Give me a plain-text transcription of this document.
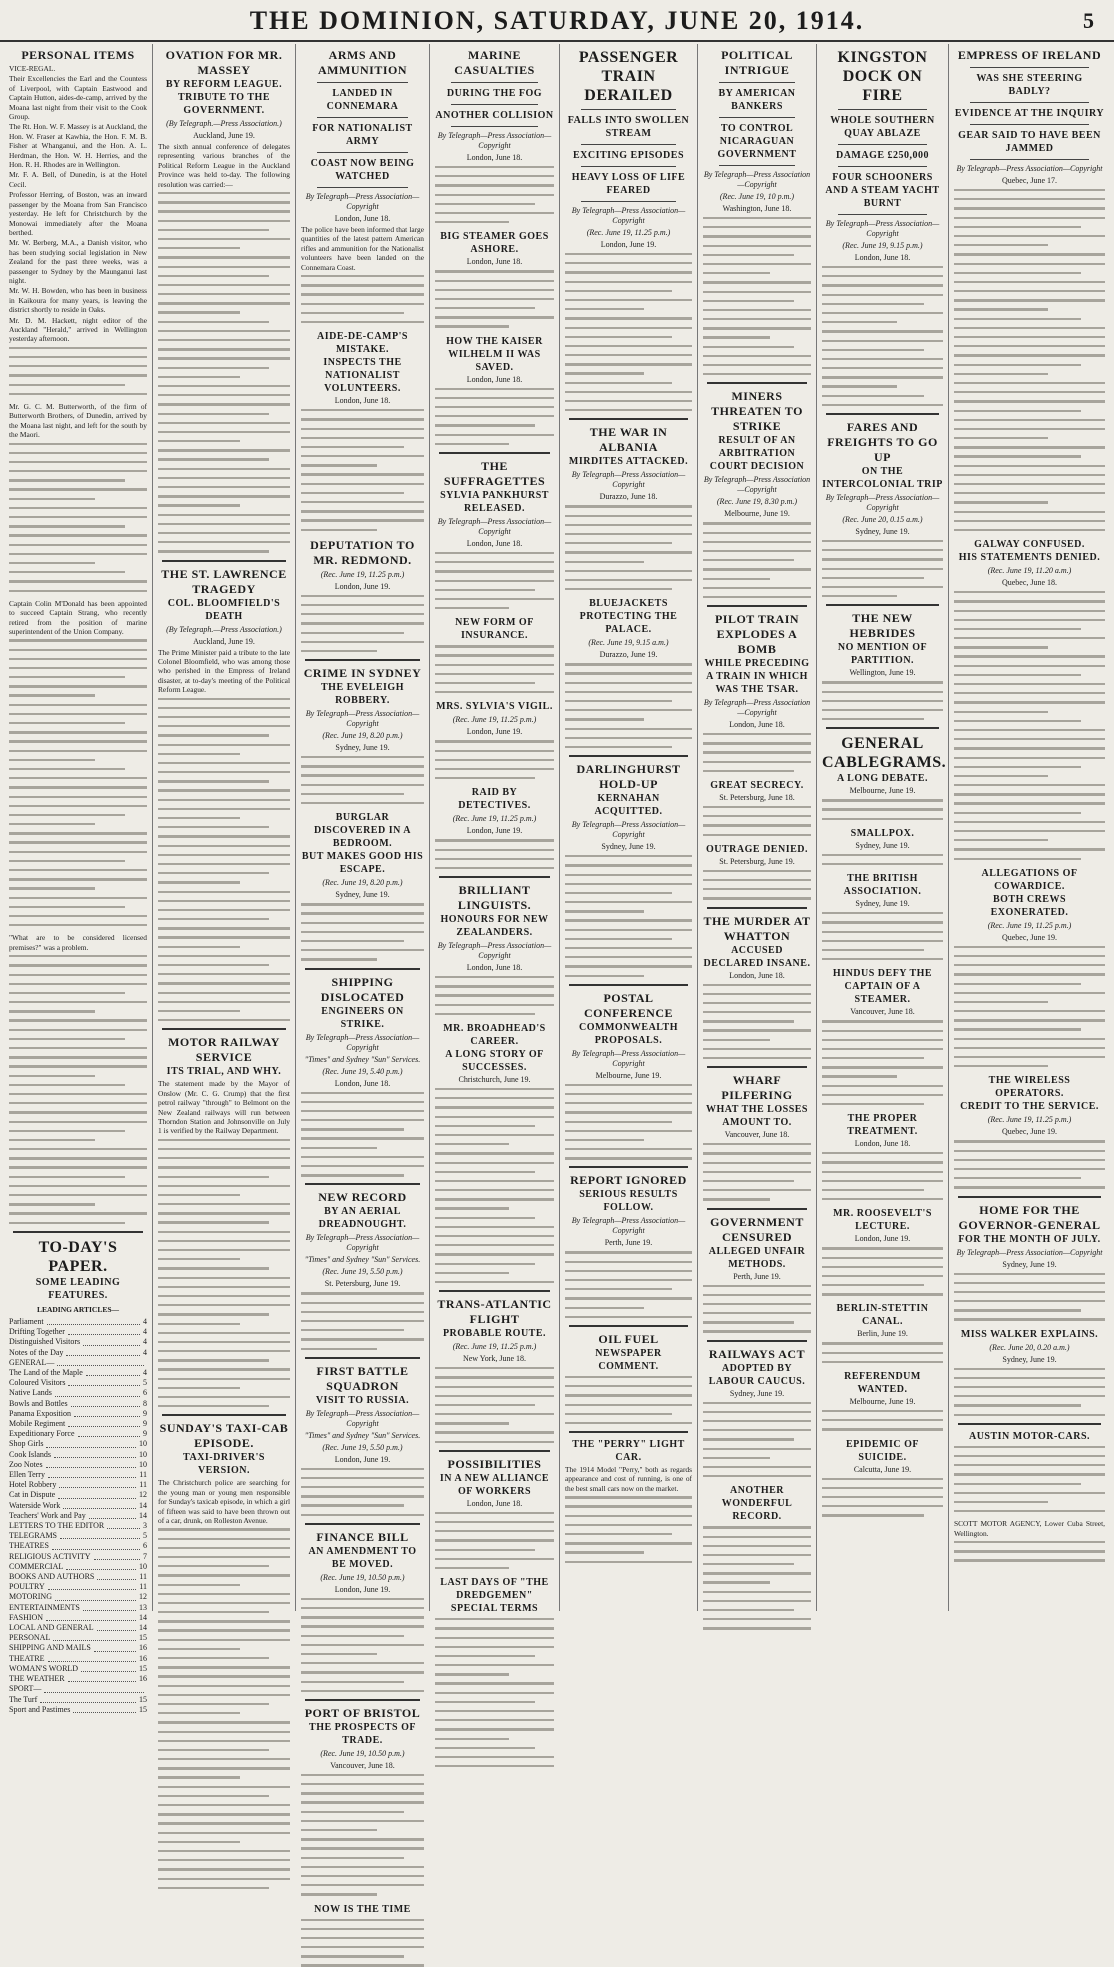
THE DOMINION, SATURDAY, JUNE 20, 1914.	5
PERSONAL ITEMS
VICE-REGAL.
Their Excellencies the Earl and the Countess of Liverpool, with Captain Eastwood and Captain Hutton, aides-de-camp, arrived by the Moana last night from their visit to the Cook Group.
The Rt. Hon. W. F. Massey is at Auckland, the Hon. W. Fraser at Kawhia, the Hon. F. M. B. Fisher at Whanganui, and the Hon. A. L. Herdman, the Hon. W. H. Herries, and the Hon. R. H. Rhodes are in Wellington.
Mr. F. A. Bell, of Dunedin, is at the Hotel Cecil.
Professor Herring, of Boston, was an inward passenger by the Moana from San Francisco yesterday. He left for Christchurch by the Monowai immediately after the Moana berthed.
Mr. W. Berberg, M.A., a Danish visitor, who has been studying social legislation in New Zealand for the past three weeks, was a passenger to Sydney by the Maunganui last night.
Mr. W. H. Bowden, who has been in business in Kaikoura for many years, is leaving the district shortly to reside in Oaks.
Mr. D. M. Hackett, night editor of the Auckland "Herald," arrived in Wellington yesterday afternoon.
Mr. G. C. M. Butterworth, of the firm of Butterworth Brothers, of Dunedin, arrived by the Moana last night, and left for the south by the Maori.
Captain Colin M'Donald has been appointed to succeed Captain Strang, who recently retired from the position of marine superintendent of the Union Company.
"What are to be considered licensed premises?" was a problem.
TO-DAY'S PAPER.
SOME LEADING FEATURES.
LEADING ARTICLES—
Parliament	4
Drifting Together	4
Distinguished Visitors	4
Notes of the Day	4
GENERAL—
The Land of the Maple	4
Coloured Visitors	5
Native Lands	6
Bowls and Bottles	8
Panama Exposition	9
Mobile Regiment	9
Expeditionary Force	9
Shop Girls	10
Cook Islands	10
Zoo Notes	10
Ellen Terry	11
Hotel Robbery	11
Cat in Dispute	12
Waterside Work	14
Teachers' Work and Pay	14
LETTERS TO THE EDITOR	3
TELEGRAMS	5
THEATRES	6
RELIGIOUS ACTIVITY	7
COMMERCIAL	10
BOOKS AND AUTHORS	11
POULTRY	11
MOTORING	12
ENTERTAINMENTS	13
FASHION	14
LOCAL AND GENERAL	14
PERSONAL	15
SHIPPING AND MAILS	16
THEATRE	16
WOMAN'S WORLD	15
THE WEATHER	16
SPORT—
The Turf	15
Sport and Pastimes	15
OVATION FOR MR. MASSEY
BY REFORM LEAGUE.
TRIBUTE TO THE GOVERNMENT.
(By Telegraph.—Press Association.)
Auckland, June 19.
The sixth annual conference of delegates representing various branches of the Political Reform League in the Auckland Province was held to-day. The following resolution was carried:—
THE ST. LAWRENCE TRAGEDY
COL. BLOOMFIELD'S DEATH
(By Telegraph.—Press Association.)
Auckland, June 19.
The Prime Minister paid a tribute to the late Colonel Bloomfield, who was among those who perished in the Empress of Ireland disaster, at to-day's meeting of the Political Reform League.
MOTOR RAILWAY SERVICE
ITS TRIAL, AND WHY.
The statement made by the Mayor of Onslow (Mr. C. G. Crump) that the first petrol railway "through" to Belmont on the New Zealand railways will run between Thorndon Station and Johnsonville on July 1 is verified by the Railway Department.
SUNDAY'S TAXI-CAB EPISODE.
TAXI-DRIVER'S VERSION.
The Christchurch police are searching for the young man or young men responsible for Sunday's taxicab episode, in which a girl of fifteen was said to have been thrown out of a car, drunk, on Rolleston Avenue.
ARMS AND AMMUNITION
LANDED IN CONNEMARA
FOR NATIONALIST ARMY
COAST NOW BEING WATCHED
By Telegraph—Press Association—Copyright
London, June 18.
The police have been informed that large quantities of the latest pattern American rifles and ammunition for the Nationalist volunteers have been landed on the Connemara Coast.
AIDE-DE-CAMP'S MISTAKE.
INSPECTS THE NATIONALIST VOLUNTEERS.
London, June 18.
DEPUTATION TO MR. REDMOND.
(Rec. June 19, 11.25 p.m.)
London, June 19.
CRIME IN SYDNEY
THE EVELEIGH ROBBERY.
By Telegraph—Press Association—Copyright
(Rec. June 19, 8.20 p.m.)
Sydney, June 19.
BURGLAR DISCOVERED IN A BEDROOM.
BUT MAKES GOOD HIS ESCAPE.
(Rec. June 19, 8.20 p.m.)
Sydney, June 19.
SHIPPING DISLOCATED
ENGINEERS ON STRIKE.
By Telegraph—Press Association—Copyright
"Times" and Sydney "Sun" Services.
(Rec. June 19, 5.40 p.m.)
London, June 18.
NEW RECORD
BY AN AERIAL DREADNOUGHT.
By Telegraph—Press Association—Copyright
"Times" and Sydney "Sun" Services.
(Rec. June 19, 5.50 p.m.)
St. Petersburg, June 19.
FIRST BATTLE SQUADRON
VISIT TO RUSSIA.
By Telegraph—Press Association—Copyright
"Times" and Sydney "Sun" Services.
(Rec. June 19, 5.50 p.m.)
London, June 19.
FINANCE BILL
AN AMENDMENT TO BE MOVED.
(Rec. June 19, 10.50 p.m.)
London, June 19.
PORT OF BRISTOL
THE PROSPECTS OF TRADE.
(Rec. June 19, 10.50 p.m.)
Vancouver, June 18.
NOW IS THE TIME
MARINE CASUALTIES
DURING THE FOG
ANOTHER COLLISION
By Telegraph—Press Association—Copyright
London, June 18.
BIG STEAMER GOES ASHORE.
London, June 18.
HOW THE KAISER WILHELM II WAS SAVED.
London, June 18.
THE SUFFRAGETTES
SYLVIA PANKHURST RELEASED.
By Telegraph—Press Association—Copyright
London, June 18.
NEW FORM OF INSURANCE.
MRS. SYLVIA'S VIGIL.
(Rec. June 19, 11.25 p.m.)
London, June 19.
RAID BY DETECTIVES.
(Rec. June 19, 11.25 p.m.)
London, June 19.
BRILLIANT LINGUISTS.
HONOURS FOR NEW ZEALANDERS.
By Telegraph—Press Association—Copyright
London, June 18.
MR. BROADHEAD'S CAREER.
A LONG STORY OF SUCCESSES.
Christchurch, June 19.
TRANS-ATLANTIC FLIGHT
PROBABLE ROUTE.
(Rec. June 19, 11.25 p.m.)
New York, June 18.
POSSIBILITIES
IN A NEW ALLIANCE OF WORKERS
London, June 18.
LAST DAYS OF "THE DREDGEMEN" SPECIAL TERMS
PASSENGER TRAIN DERAILED
FALLS INTO SWOLLEN STREAM
EXCITING EPISODES
HEAVY LOSS OF LIFE FEARED
By Telegraph—Press Association—Copyright
(Rec. June 19, 11.25 p.m.)
London, June 19.
THE WAR IN ALBANIA
MIRDITES ATTACKED.
By Telegraph—Press Association—Copyright
Durazzo, June 18.
BLUEJACKETS PROTECTING THE PALACE.
(Rec. June 19, 9.15 a.m.)
Durazzo, June 19.
DARLINGHURST HOLD-UP
KERNAHAN ACQUITTED.
By Telegraph—Press Association—Copyright
Sydney, June 19.
POSTAL CONFERENCE
COMMONWEALTH PROPOSALS.
By Telegraph—Press Association—Copyright
Melbourne, June 19.
REPORT IGNORED
SERIOUS RESULTS FOLLOW.
By Telegraph—Press Association—Copyright
Perth, June 19.
OIL FUEL
NEWSPAPER COMMENT.
THE "PERRY" LIGHT CAR.
The 1914 Model "Perry," both as regards appearance and cost of running, is one of the best small cars now on the market.
POLITICAL INTRIGUE
BY AMERICAN BANKERS
TO CONTROL NICARAGUAN GOVERNMENT
By Telegraph—Press Association—Copyright
(Rec. June 19, 10 p.m.)
Washington, June 18.
MINERS THREATEN TO STRIKE
RESULT OF AN ARBITRATION COURT DECISION
By Telegraph—Press Association—Copyright
(Rec. June 19, 8.30 p.m.)
Melbourne, June 19.
PILOT TRAIN EXPLODES A BOMB
WHILE PRECEDING A TRAIN IN WHICH WAS THE TSAR.
By Telegraph—Press Association—Copyright
London, June 18.
GREAT SECRECY.
St. Petersburg, June 18.
OUTRAGE DENIED.
St. Petersburg, June 19.
THE MURDER AT WHATTON
ACCUSED DECLARED INSANE.
London, June 18.
WHARF PILFERING
WHAT THE LOSSES AMOUNT TO.
Vancouver, June 18.
GOVERNMENT CENSURED
ALLEGED UNFAIR METHODS.
Perth, June 19.
RAILWAYS ACT
ADOPTED BY LABOUR CAUCUS.
Sydney, June 19.
ANOTHER WONDERFUL RECORD.
KINGSTON DOCK ON FIRE
WHOLE SOUTHERN QUAY ABLAZE
DAMAGE £250,000
FOUR SCHOONERS AND A STEAM YACHT BURNT
By Telegraph—Press Association—Copyright
(Rec. June 19, 9.15 p.m.)
London, June 18.
FARES AND FREIGHTS TO GO UP
ON THE INTERCOLONIAL TRIP
By Telegraph—Press Association—Copyright
(Rec. June 20, 0.15 a.m.)
Sydney, June 19.
THE NEW HEBRIDES
NO MENTION OF PARTITION.
Wellington, June 19.
GENERAL CABLEGRAMS.
A LONG DEBATE.
Melbourne, June 19.
SMALLPOX.
Sydney, June 19.
THE BRITISH ASSOCIATION.
Sydney, June 19.
HINDUS DEFY THE CAPTAIN OF A STEAMER.
Vancouver, June 18.
THE PROPER TREATMENT.
London, June 18.
MR. ROOSEVELT'S LECTURE.
London, June 19.
BERLIN-STETTIN CANAL.
Berlin, June 19.
REFERENDUM WANTED.
Melbourne, June 19.
EPIDEMIC OF SUICIDE.
Calcutta, June 19.
EMPRESS OF IRELAND
WAS SHE STEERING BADLY?
EVIDENCE AT THE INQUIRY
GEAR SAID TO HAVE BEEN JAMMED
By Telegraph—Press Association—Copyright
Quebec, June 17.
GALWAY CONFUSED.
HIS STATEMENTS DENIED.
(Rec. June 19, 11.20 a.m.)
Quebec, June 18.
ALLEGATIONS OF COWARDICE.
BOTH CREWS EXONERATED.
(Rec. June 19, 11.25 p.m.)
Quebec, June 19.
THE WIRELESS OPERATORS.
CREDIT TO THE SERVICE.
(Rec. June 19, 11.25 p.m.)
Quebec, June 19.
HOME FOR THE GOVERNOR-GENERAL
FOR THE MONTH OF JULY.
By Telegraph—Press Association—Copyright
Sydney, June 19.
MISS WALKER EXPLAINS.
(Rec. June 20, 0.20 a.m.)
Sydney, June 19.
AUSTIN MOTOR-CARS.
SCOTT MOTOR AGENCY, Lower Cuba Street, Wellington.
